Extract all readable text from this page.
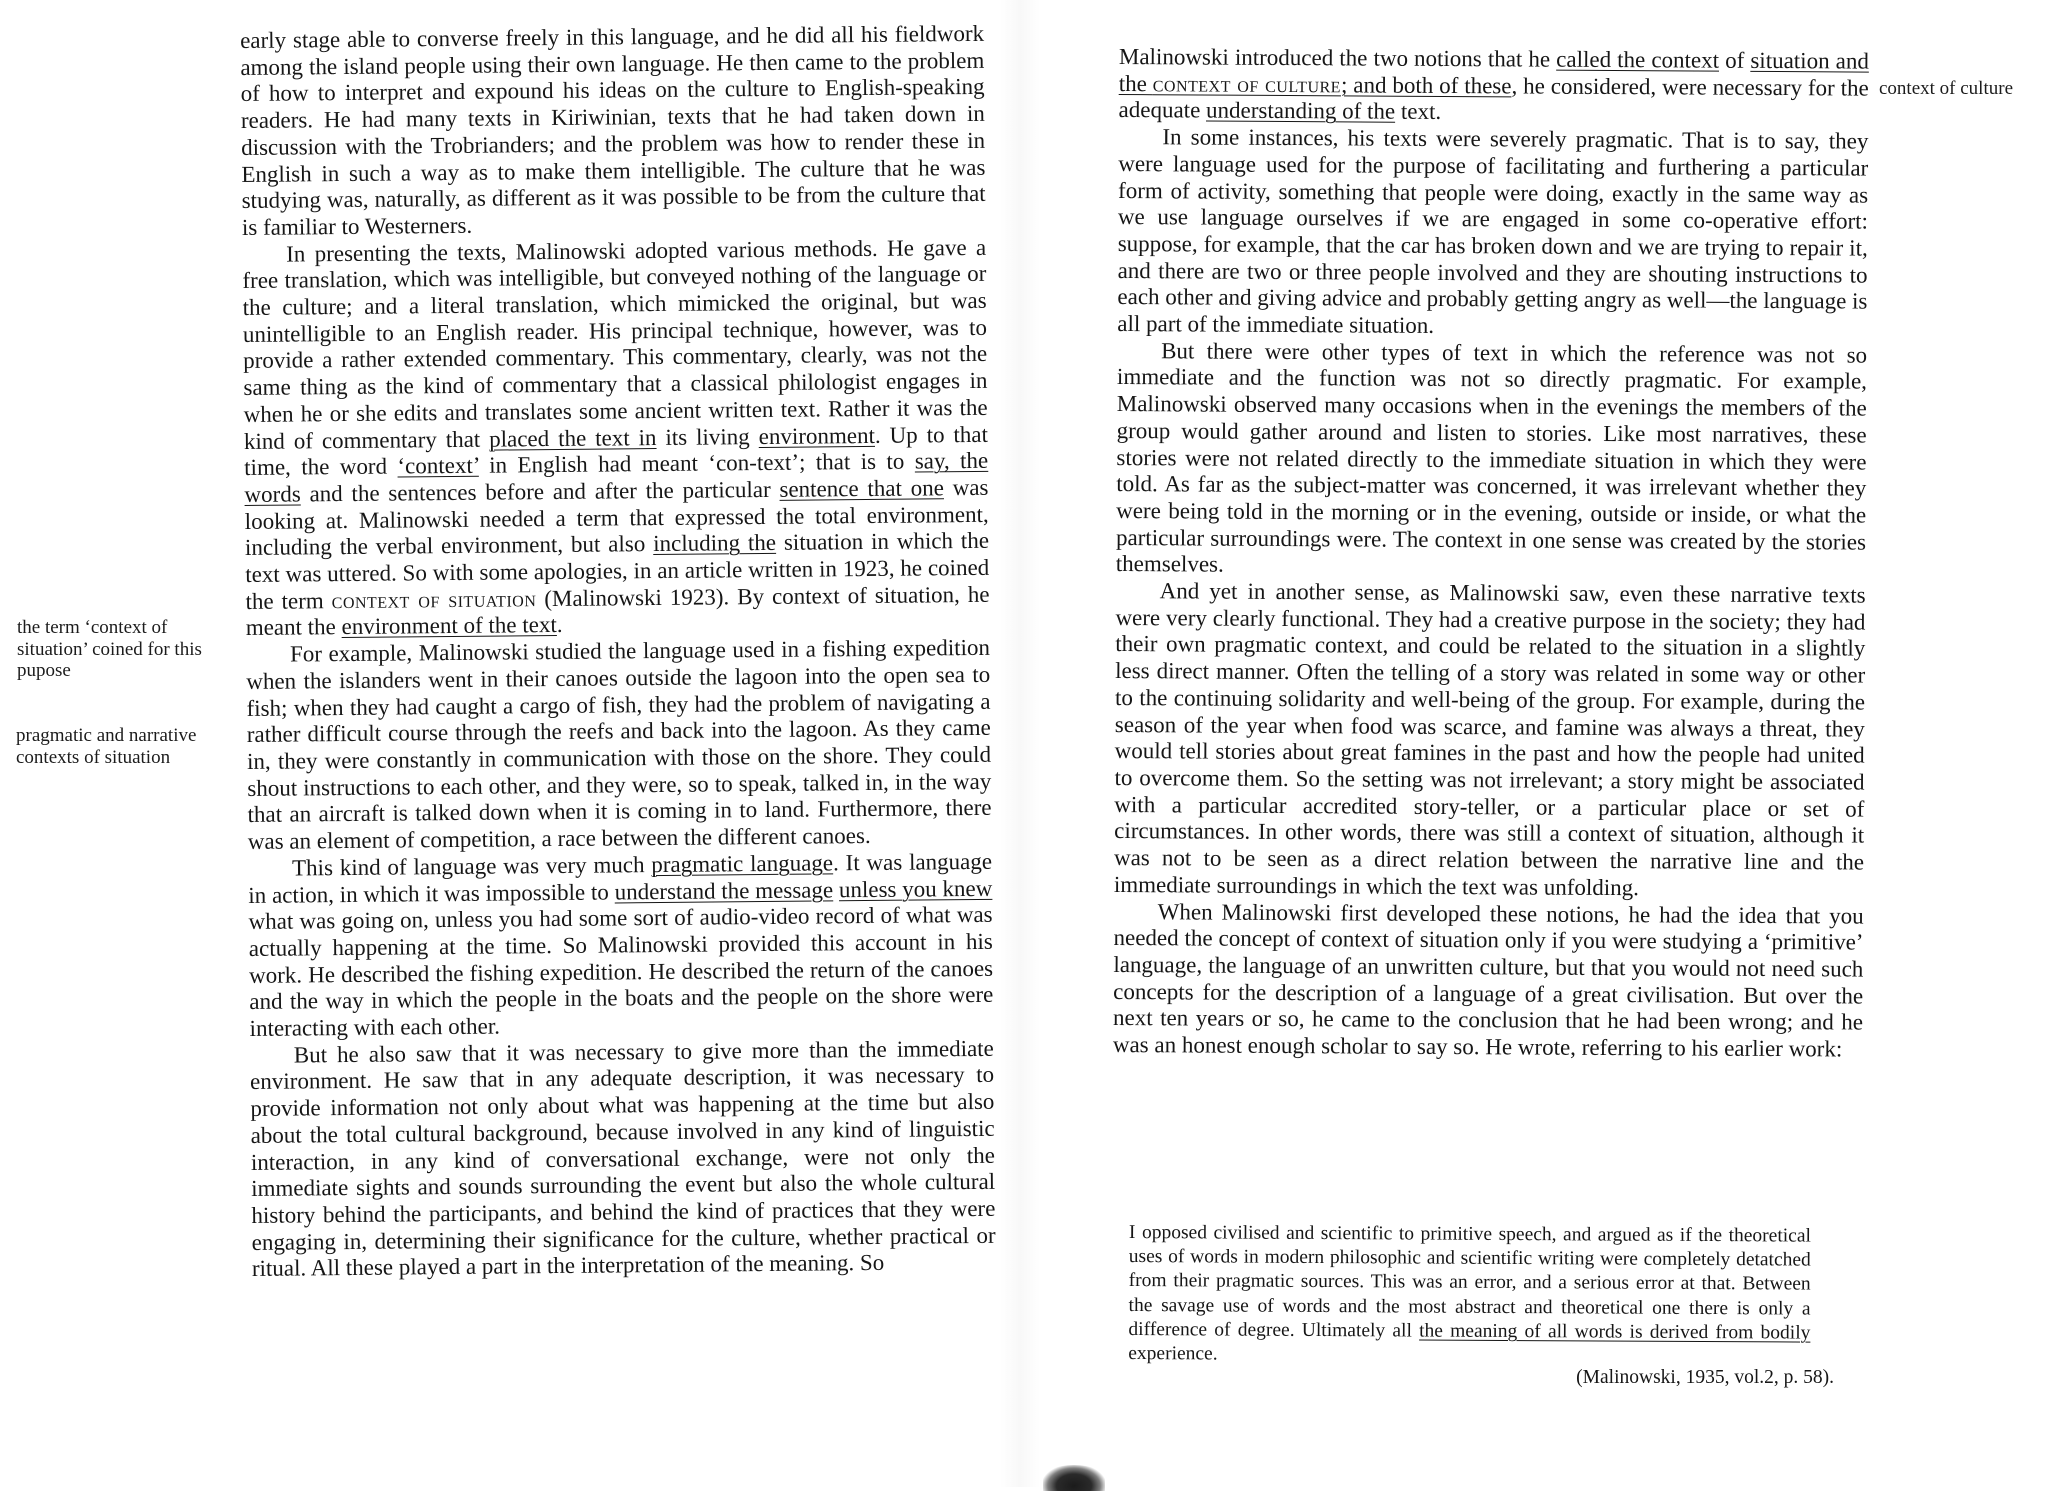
the term ‘context of situation’ coined for this pupose
pragmatic and narrative contexts of situation

early stage able to converse freely in this language, and he did all his fieldwork among the island people using their own language. He then came to the problem of how to interpret and expound his ideas on the culture to English-speaking readers. He had many texts in Kiriwinian, texts that he had taken down in discussion with the Trobrianders; and the problem was how to render these in English in such a way as to make them intelligible. The culture that he was studying was, naturally, as different as it was possible to be from the culture that is familiar to Westerners.

In presenting the texts, Malinowski adopted various methods. He gave a free translation, which was intelligible, but conveyed nothing of the language or the culture; and a literal translation, which mimicked the original, but was unintelligible to an English reader. His principal technique, however, was to provide a rather extended commentary. This commentary, clearly, was not the same thing as the kind of commentary that a classical philologist engages in when he or she edits and translates some ancient written text. Rather it was the kind of commentary that placed the text in its living environment. Up to that time, the word ‘context’ in English had meant ‘con-text’; that is to say, the words and the sentences before and after the particular sentence that one was looking at. Malinowski needed a term that expressed the total environment, including the verbal environment, but also including the situation in which the text was uttered. So with some apologies, in an article written in 1923, he coined the term context of situation (Malinowski 1923). By context of situation, he meant the environment of the text.

For example, Malinowski studied the language used in a fishing expedition when the islanders went in their canoes outside the lagoon into the open sea to fish; when they had caught a cargo of fish, they had the problem of navigating a rather difficult course through the reefs and back into the lagoon. As they came in, they were constantly in communication with those on the shore. They could shout instructions to each other, and they were, so to speak, talked in, in the way that an aircraft is talked down when it is coming in to land. Furthermore, there was an element of competition, a race between the different canoes.

This kind of language was very much pragmatic language. It was language in action, in which it was impossible to understand the message unless you knew what was going on, unless you had some sort of audio-video record of what was actually happening at the time. So Malinowski provided this account in his work. He described the fishing expedition. He described the return of the canoes and the way in which the people in the boats and the people on the shore were interacting with each other.

But he also saw that it was necessary to give more than the immediate environment. He saw that in any adequate description, it was necessary to provide information not only about what was happening at the time but also about the total cultural background, because involved in any kind of linguistic interaction, in any kind of conversational exchange, were not only the immediate sights and sounds surrounding the event but also the whole cultural history behind the participants, and behind the kind of practices that they were engaging in, determining their significance for the culture, whether practical or ritual. All these played a part in the interpretation of the meaning. So

context of culture

Malinowski introduced the two notions that he called the context of situation and the context of culture; and both of these, he considered, were necessary for the adequate understanding of the text.

In some instances, his texts were severely pragmatic. That is to say, they were language used for the purpose of facilitating and furthering a particular form of activity, something that people were doing, exactly in the same way as we use language ourselves if we are engaged in some co-operative effort: suppose, for example, that the car has broken down and we are trying to repair it, and there are two or three people involved and they are shouting instructions to each other and giving advice and probably getting angry as well—the language is all part of the immediate situation.

But there were other types of text in which the reference was not so immediate and the function was not so directly pragmatic. For example, Malinowski observed many occasions when in the evenings the members of the group would gather around and listen to stories. Like most narratives, these stories were not related directly to the immediate situation in which they were told. As far as the subject-matter was concerned, it was irrelevant whether they were being told in the morning or in the evening, outside or inside, or what the particular surroundings were. The context in one sense was created by the stories themselves.

And yet in another sense, as Malinowski saw, even these narrative texts were very clearly functional. They had a creative purpose in the society; they had their own pragmatic context, and could be related to the situation in a slightly less direct manner. Often the telling of a story was related in some way or other to the continuing solidarity and well-being of the group. For example, during the season of the year when food was scarce, and famine was always a threat, they would tell stories about great famines in the past and how the people had united to overcome them. So the setting was not irrelevant; a story might be associated with a particular accredited story-teller, or a particular place or set of circumstances. In other words, there was still a context of situation, although it was not to be seen as a direct relation between the narrative line and the immediate surroundings in which the text was unfolding.

When Malinowski first developed these notions, he had the idea that you needed the concept of context of situation only if you were studying a ‘primitive’ language, the language of an unwritten culture, but that you would not need such concepts for the description of a language of a great civilisation. But over the next ten years or so, he came to the conclusion that he had been wrong; and he was an honest enough scholar to say so. He wrote, referring to his earlier work:

I opposed civilised and scientific to primitive speech, and argued as if the theoretical uses of words in modern philosophic and scientific writing were completely detatched from their pragmatic sources. This was an error, and a serious error at that. Between the savage use of words and the most abstract and theoretical one there is only a difference of degree. Ultimately all the meaning of all words is derived from bodily experience.

(Malinowski, 1935, vol.2, p. 58).
